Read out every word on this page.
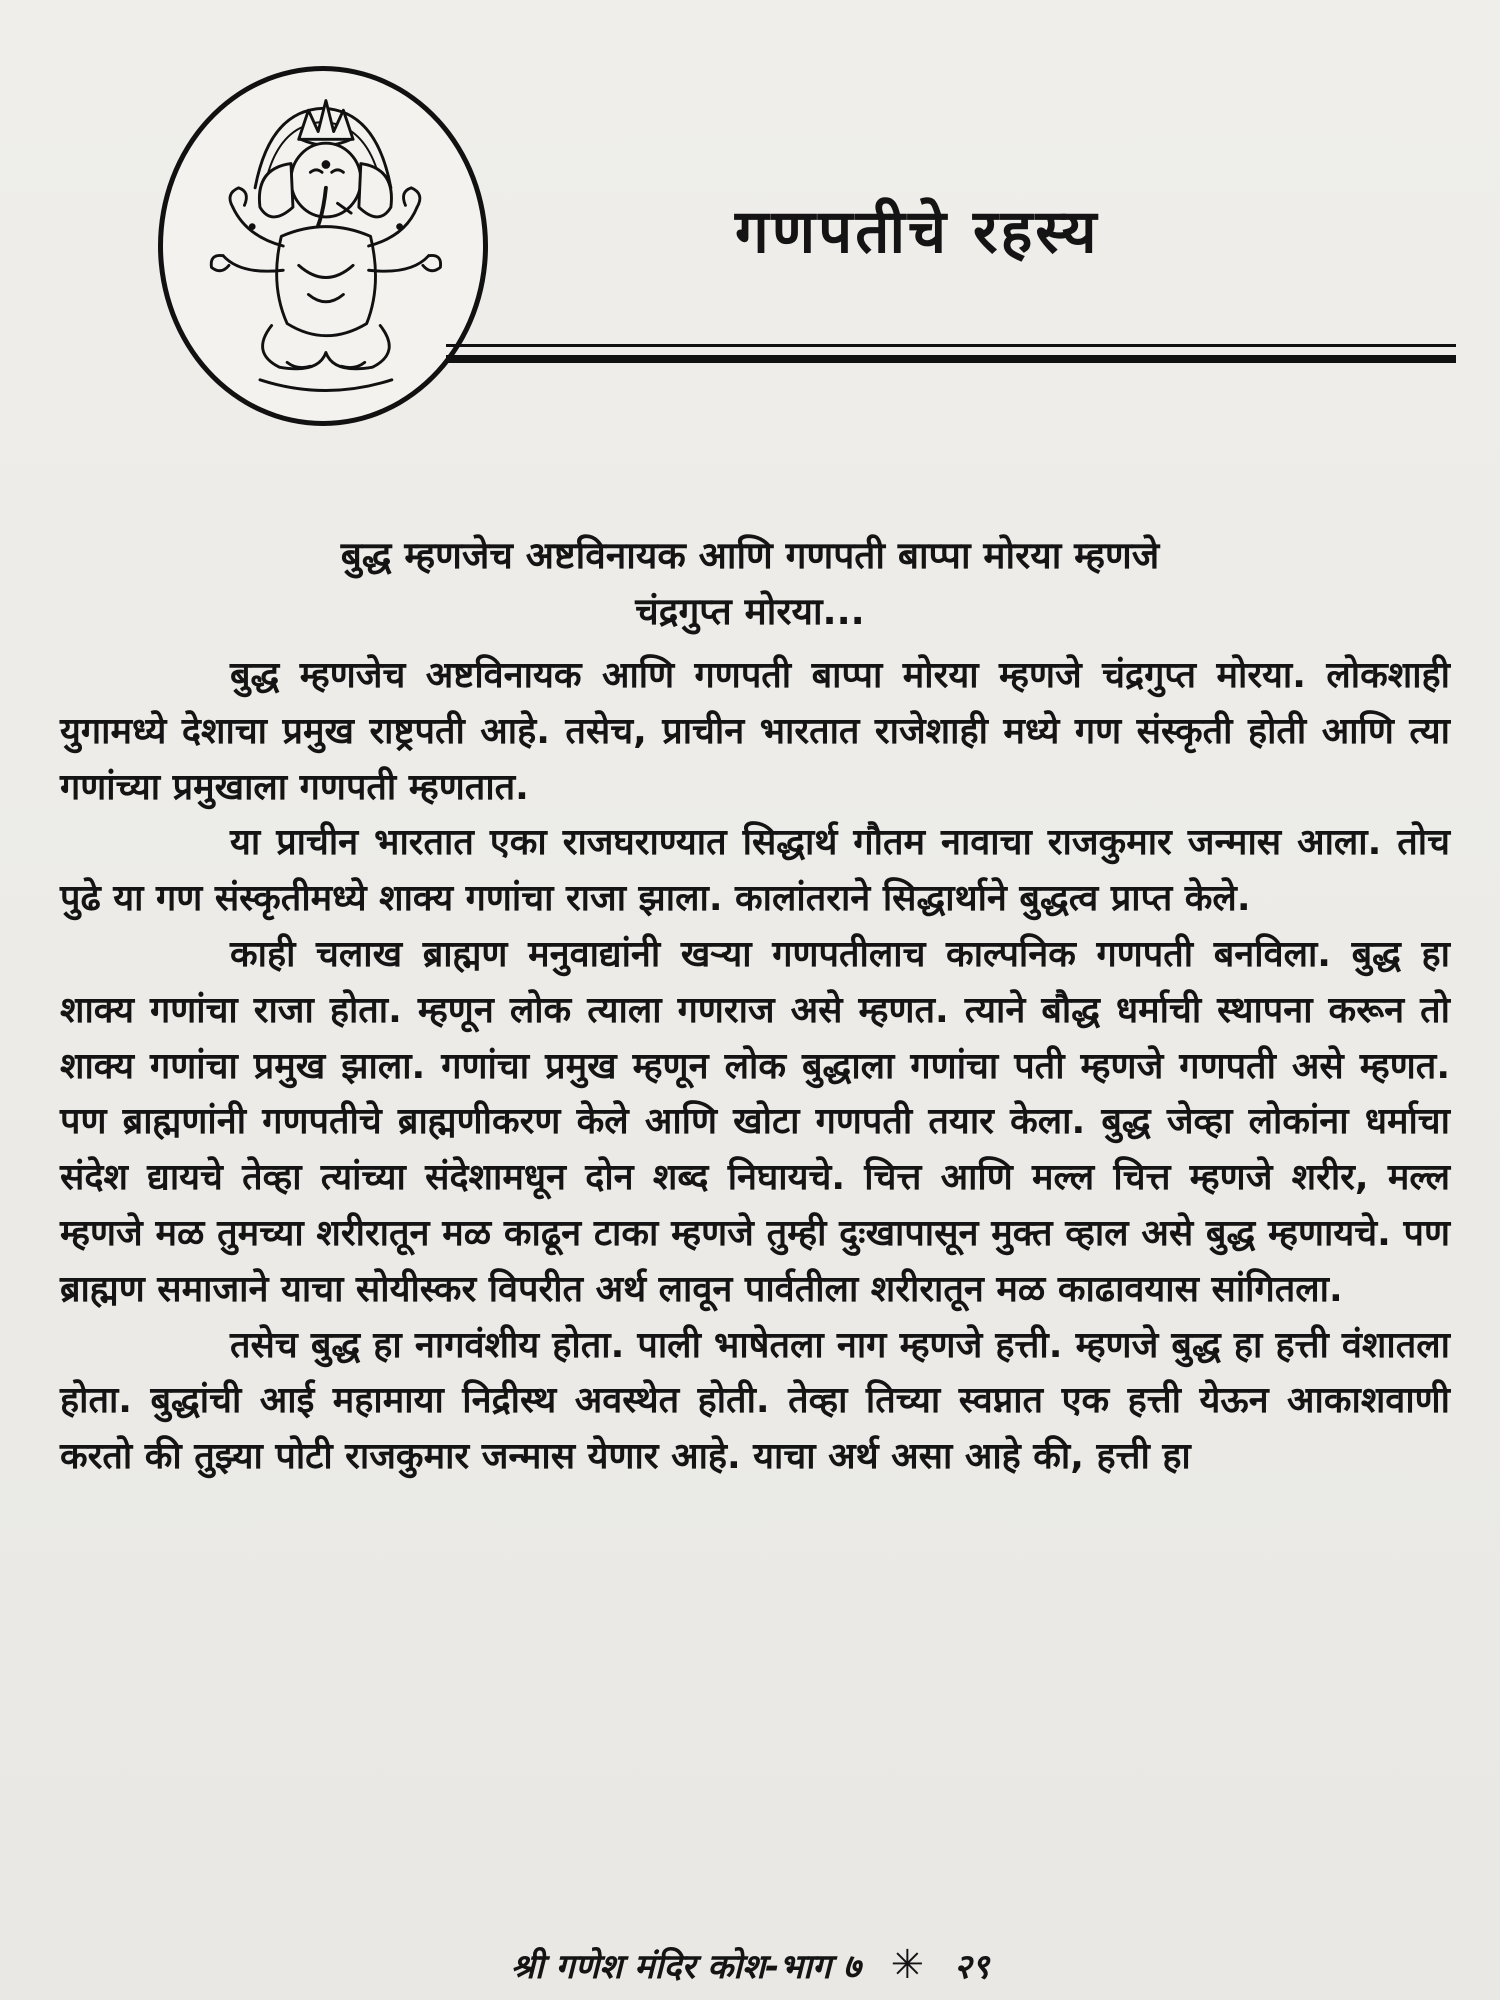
गणपतीचे रहस्य
बुद्ध म्हणजेच अष्टविनायक आणि गणपती बाप्पा मोरया म्हणजे
चंद्रगुप्त मोरया...

बुद्ध म्हणजेच अष्टविनायक आणि गणपती बाप्पा मोरया म्हणजे चंद्रगुप्त मोरया. लोकशाही युगामध्ये देशाचा प्रमुख राष्ट्रपती आहे. तसेच, प्राचीन भारतात राजेशाही मध्ये गण संस्कृती होती आणि त्या गणांच्या प्रमुखाला गणपती म्हणतात.

या प्राचीन भारतात एका राजघराण्यात सिद्धार्थ गौतम नावाचा राजकुमार जन्मास आला. तोच पुढे या गण संस्कृतीमध्ये शाक्य गणांचा राजा झाला. कालांतराने सिद्धार्थाने बुद्धत्व प्राप्त केले.

काही चलाख ब्राह्मण मनुवाद्यांनी खऱ्या गणपतीलाच काल्पनिक गणपती बनविला. बुद्ध हा शाक्य गणांचा राजा होता. म्हणून लोक त्याला गणराज असे म्हणत. त्याने बौद्ध धर्माची स्थापना करून तो शाक्य गणांचा प्रमुख झाला. गणांचा प्रमुख म्हणून लोक बुद्धाला गणांचा पती म्हणजे गणपती असे म्हणत. पण ब्राह्मणांनी गणपतीचे ब्राह्मणीकरण केले आणि खोटा गणपती तयार केला. बुद्ध जेव्हा लोकांना धर्माचा संदेश द्यायचे तेव्हा त्यांच्या संदेशामधून दोन शब्द निघायचे. चित्त आणि मल्ल चित्त म्हणजे शरीर, मल्ल म्हणजे मळ तुमच्या शरीरातून मळ काढून टाका म्हणजे तुम्ही दुःखापासून मुक्त व्हाल असे बुद्ध म्हणायचे. पण ब्राह्मण समाजाने याचा सोयीस्कर विपरीत अर्थ लावून पार्वतीला शरीरातून मळ काढावयास सांगितला.

तसेच बुद्ध हा नागवंशीय होता. पाली भाषेतला नाग म्हणजे हत्ती. म्हणजे बुद्ध हा हत्ती वंशातला होता. बुद्धांची आई महामाया निद्रीस्थ अवस्थेत होती. तेव्हा तिच्या स्वप्नात एक हत्ती येऊन आकाशवाणी करतो की तुझ्या पोटी राजकुमार जन्मास येणार आहे. याचा अर्थ असा आहे की, हत्ती हा

श्री गणेश मंदिर कोश-भाग ७ ✳ २९
